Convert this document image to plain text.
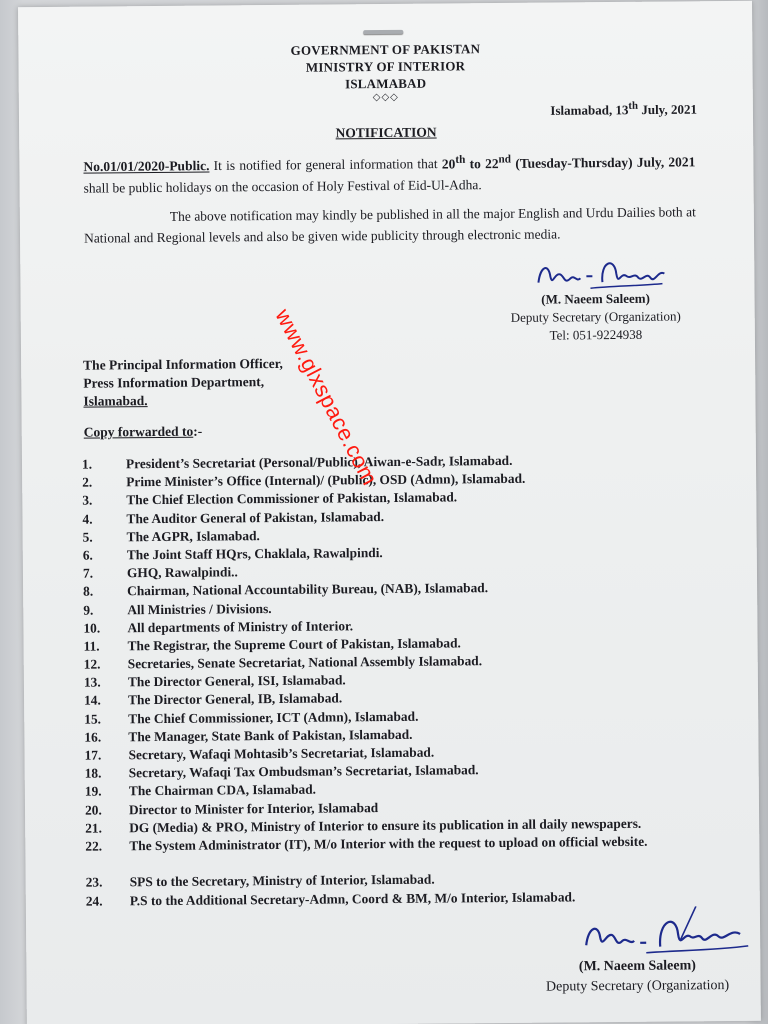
GOVERNMENT OF PAKISTAN
MINISTRY OF INTERIOR
ISLAMABAD
◇◇◇
Islamabad, 13th July, 2021
NOTIFICATION
No.01/01/2020-Public. It is notified for general information that 20th to 22nd (Tuesday-Thursday) July, 2021 shall be public holidays on the occasion of Holy Festival of Eid-Ul-Adha.
The above notification may kindly be published in all the major English and Urdu Dailies both at National and Regional levels and also be given wide publicity through electronic media.
(M. Naeem Saleem)
Deputy Secretary (Organization)
Tel: 051-9224938
The Principal Information Officer,
Press Information Department,
Islamabad.
Copy forwarded to:-
1.	President’s Secretariat (Personal/Public), Aiwan-e-Sadr, Islamabad.
2.	Prime Minister’s Office (Internal)/ (Public), OSD (Admn), Islamabad.
3.	The Chief Election Commissioner of Pakistan, Islamabad.
4.	The Auditor General of Pakistan, Islamabad.
5.	The AGPR, Islamabad.
6.	The Joint Staff HQrs, Chaklala, Rawalpindi.
7.	GHQ, Rawalpindi..
8.	Chairman, National Accountability Bureau, (NAB), Islamabad.
9.	All Ministries / Divisions.
10.	All departments of Ministry of Interior.
11.	The Registrar, the Supreme Court of Pakistan, Islamabad.
12.	Secretaries, Senate Secretariat, National Assembly Islamabad.
13.	The Director General, ISI, Islamabad.
14.	The Director General, IB, Islamabad.
15.	The Chief Commissioner, ICT (Admn), Islamabad.
16.	The Manager, State Bank of Pakistan, Islamabad.
17.	Secretary, Wafaqi Mohtasib’s Secretariat, Islamabad.
18.	Secretary, Wafaqi Tax Ombudsman’s Secretariat, Islamabad.
19.	The Chairman CDA, Islamabad.
20.	Director to Minister for Interior, Islamabad
21.	DG (Media) & PRO, Ministry of Interior to ensure its publication in all daily newspapers.
22.	The System Administrator (IT), M/o Interior with the request to upload on official website.
23.	SPS to the Secretary, Ministry of Interior, Islamabad.
24.	P.S to the Additional Secretary-Admn, Coord & BM, M/o Interior, Islamabad.
(M. Naeem Saleem)
Deputy Secretary (Organization)
www.glxspace.com
